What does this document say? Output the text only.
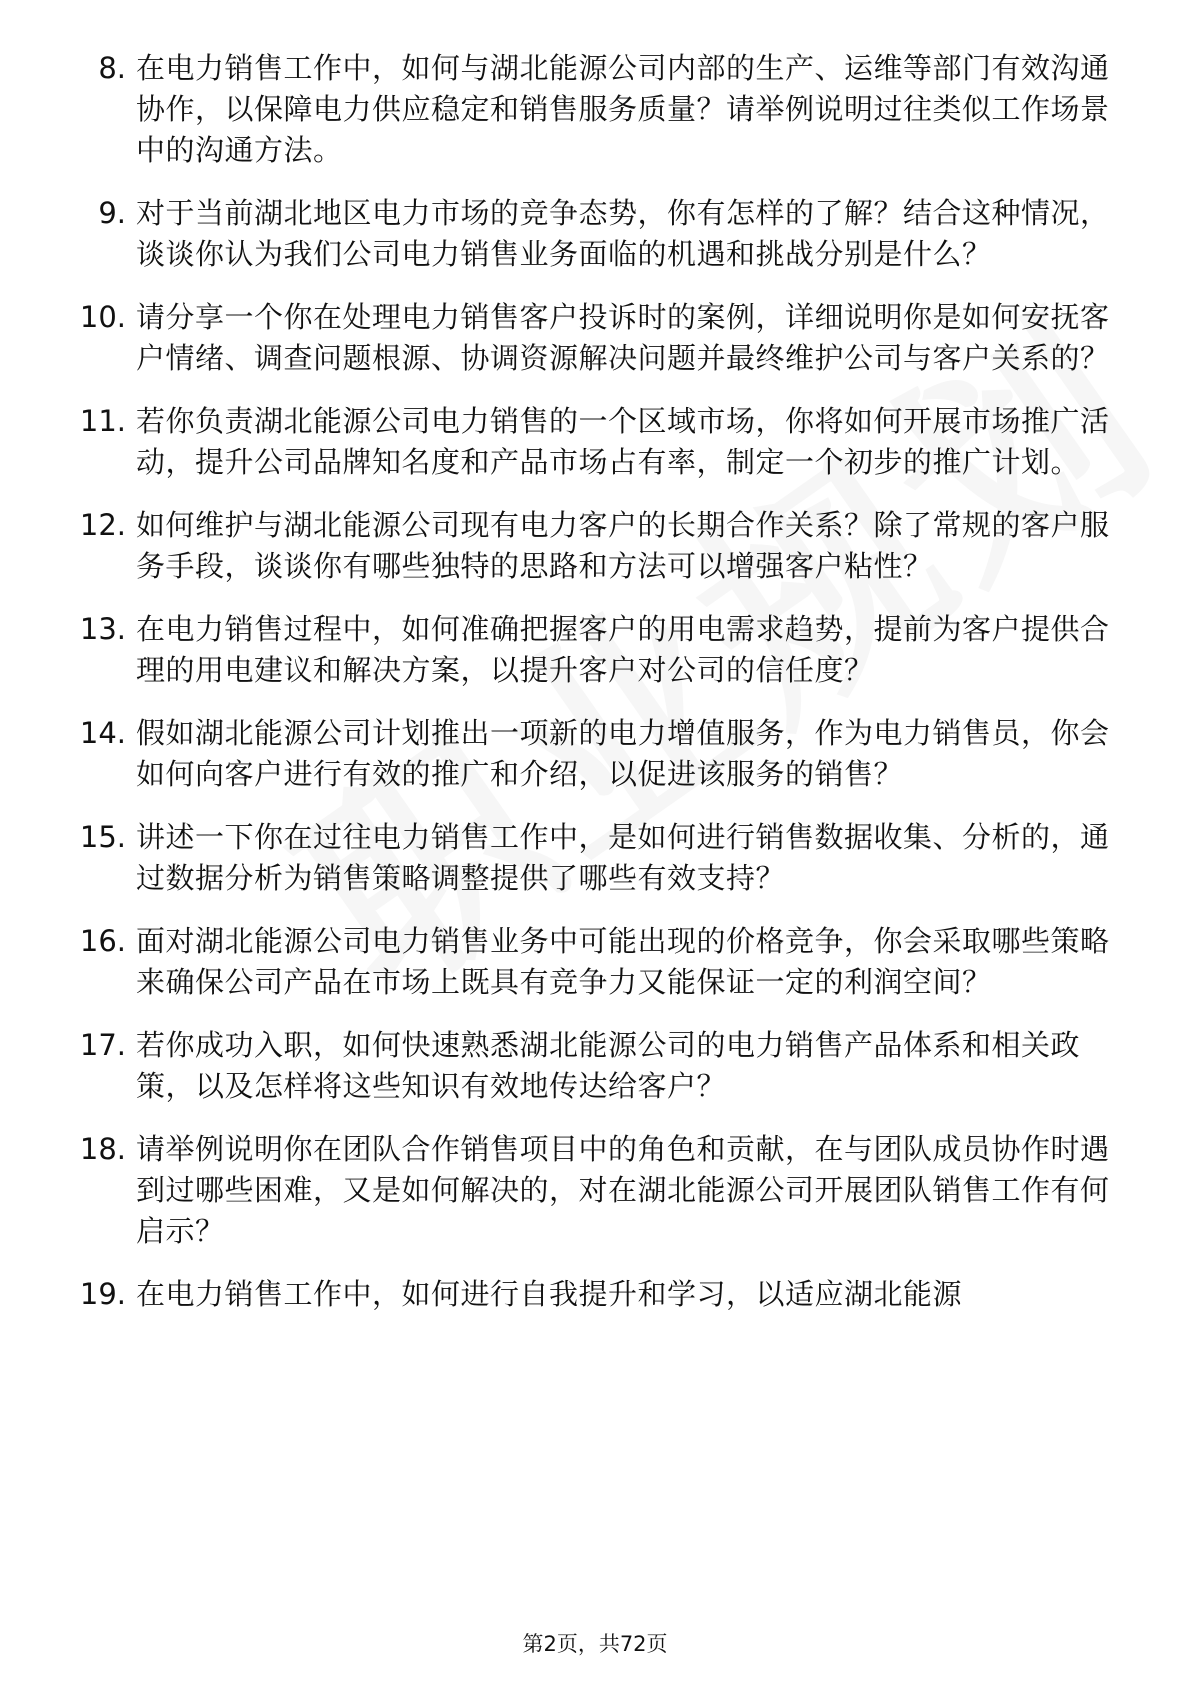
8. 在电力销售工作中，如何与湖北能源公司内部的生产、运维等部门有效沟通协作，以保障电力供应稳定和销售服务质量？请举例说明过往类似工作场景中的沟通方法。
9. 对于当前湖北地区电力市场的竞争态势，你有怎样的了解？结合这种情况，谈谈你认为我们公司电力销售业务面临的机遇和挑战分别是什么？
10. 请分享一个你在处理电力销售客户投诉时的案例，详细说明你是如何安抚客户情绪、调查问题根源、协调资源解决问题并最终维护公司与客户关系的？
11. 若你负责湖北能源公司电力销售的一个区域市场，你将如何开展市场推广活动，提升公司品牌知名度和产品市场占有率，制定一个初步的推广计划。
12. 如何维护与湖北能源公司现有电力客户的长期合作关系？除了常规的客户服务手段，谈谈你有哪些独特的思路和方法可以增强客户粘性？
13. 在电力销售过程中，如何准确把握客户的用电需求趋势，提前为客户提供合理的用电建议和解决方案，以提升客户对公司的信任度？
14. 假如湖北能源公司计划推出一项新的电力增值服务，作为电力销售员，你会如何向客户进行有效的推广和介绍，以促进该服务的销售？
15. 讲述一下你在过往电力销售工作中，是如何进行销售数据收集、分析的，通过数据分析为销售策略调整提供了哪些有效支持？
16. 面对湖北能源公司电力销售业务中可能出现的价格竞争，你会采取哪些策略来确保公司产品在市场上既具有竞争力又能保证一定的利润空间？
17. 若你成功入职，如何快速熟悉湖北能源公司的电力销售产品体系和相关政策，以及怎样将这些知识有效地传达给客户？
18. 请举例说明你在团队合作销售项目中的角色和贡献，在与团队成员协作时遇到过哪些困难，又是如何解决的，对在湖北能源公司开展团队销售工作有何启示？
19. 在电力销售工作中，如何进行自我提升和学习，以适应湖北能源
第2页，共72页
